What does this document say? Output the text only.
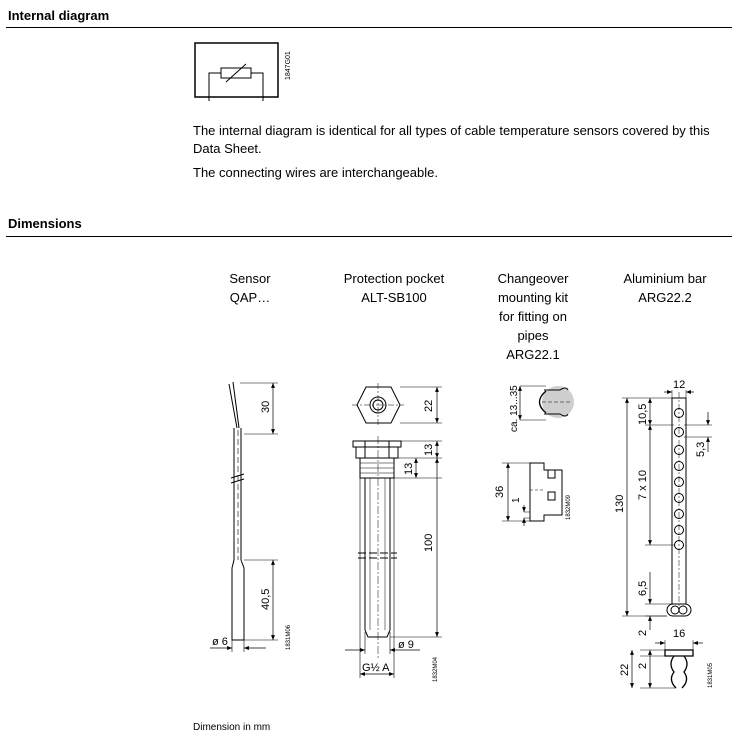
Internal diagram
1847G01
30
40,5
ø 6	1831M06
22
13
13
100
ø 9
G½ A	1832M04
ca. 13...35
36
1	1832M09
12
10,5
5,3
7 x 10
130
6,5
2 16
22 2	1831M05

The internal diagram is identical for all types of cable temperature sensors covered by this Data Sheet.

The connecting wires are interchangeable.

Dimensions
Sensor
QAP…
Protection pocket
ALT-SB100
Changeover
mounting kit
for fitting on
pipes
ARG22.1
Aluminium bar
ARG22.2
Dimension in mm
